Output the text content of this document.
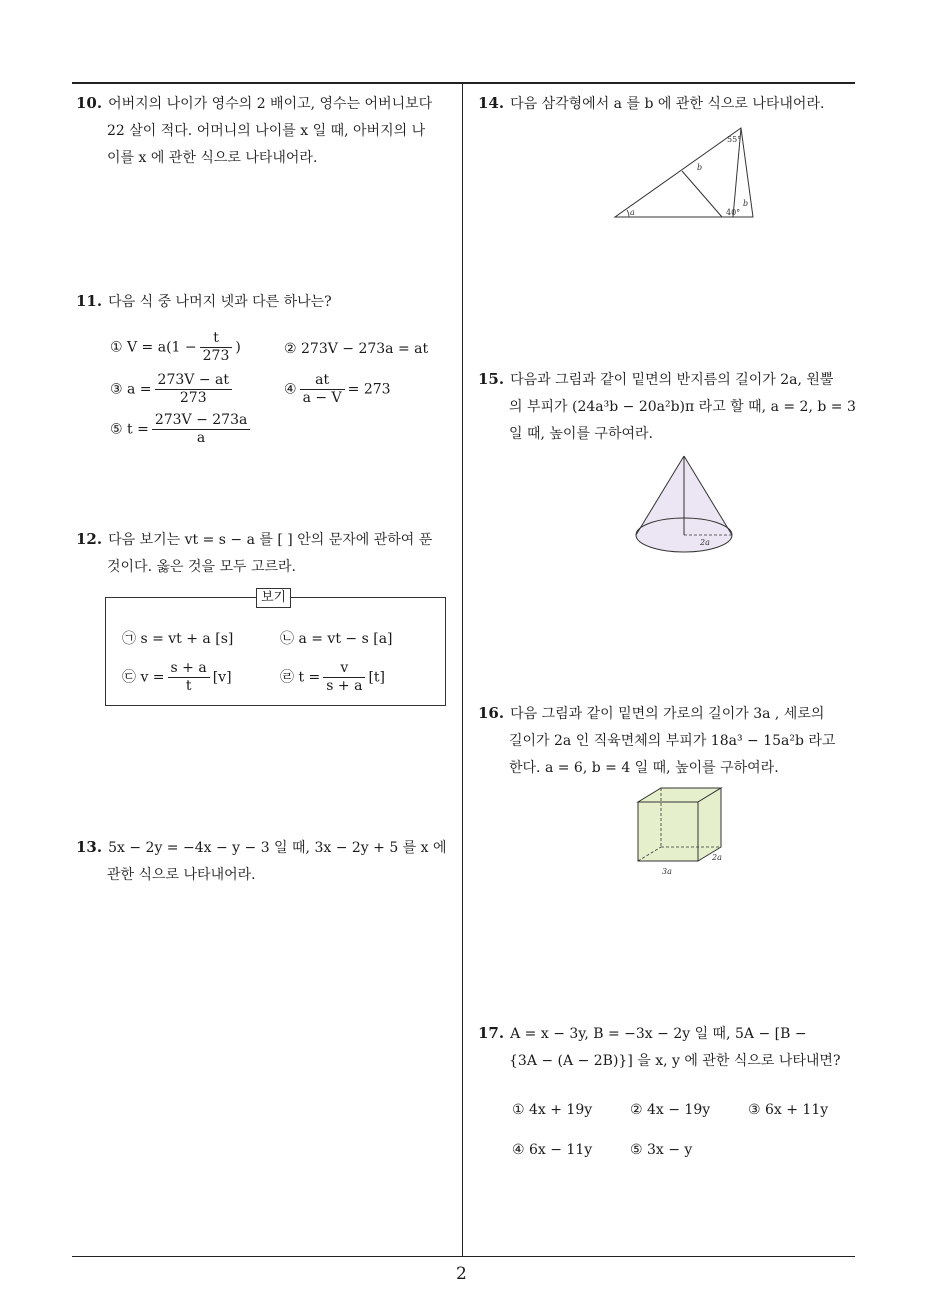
10. 어버지의 나이가 영수의 2 배이고, 영수는 어버니보다
22 살이 적다. 어머니의 나이를 x 일 때, 아버지의 나
이를 x 에 관한 식으로 나타내어라.
11. 다음 식 중 나머지 넷과 다른 하나는?
① $V = a(1 - \frac{t}{273}$ )	② 273V − 273a = at
③ $a = \frac{273V - at}{273}$	④ $\frac{at}{a - V} = 273$
⑤ $t = \frac{273V - 273a}{a}$
12. 다음 보기는 vt = s − a 를 [ ] 안의 문자에 관하여 푼
것이다. 옳은 것을 모두 고르라.
보기
㉠ s = vt + a [s]	㉡ a = vt − s [a]
㉢ $v = \frac{s + a}{t} [v]$	㉣ $t = \frac{v}{s + a} [t]$
13. 5x − 2y = −4x − y − 3 일 때, 3x − 2y + 5 를 x 에
관한 식으로 나타내어라.
14. 다음 삼각형에서 a 를 b 에 관한 식으로 나타내어라.
a
55°
40°
b
b
15. 다음과 그림과 같이 밑면의 반지름의 길이가 2a, 원뿔
의 부피가 (24a³b − 20a²b)π 라고 할 때, a = 2, b = 3
일 때, 높이를 구하여라.
2a
16. 다음 그림과 같이 밑면의 가로의 길이가 3a , 세로의
길이가 2a 인 직육면체의 부피가 18a³ − 15a²b 라고
한다. a = 6, b = 4 일 때, 높이를 구하여라.
3a
2a
17. A = x − 3y, B = −3x − 2y 일 때, 5A − [B −
{3A − (A − 2B)}] 을 x, y 에 관한 식으로 나타내면?
① 4x + 19y	② 4x − 19y	③ 6x + 11y
④ 6x − 11y	⑤ 3x − y
2
